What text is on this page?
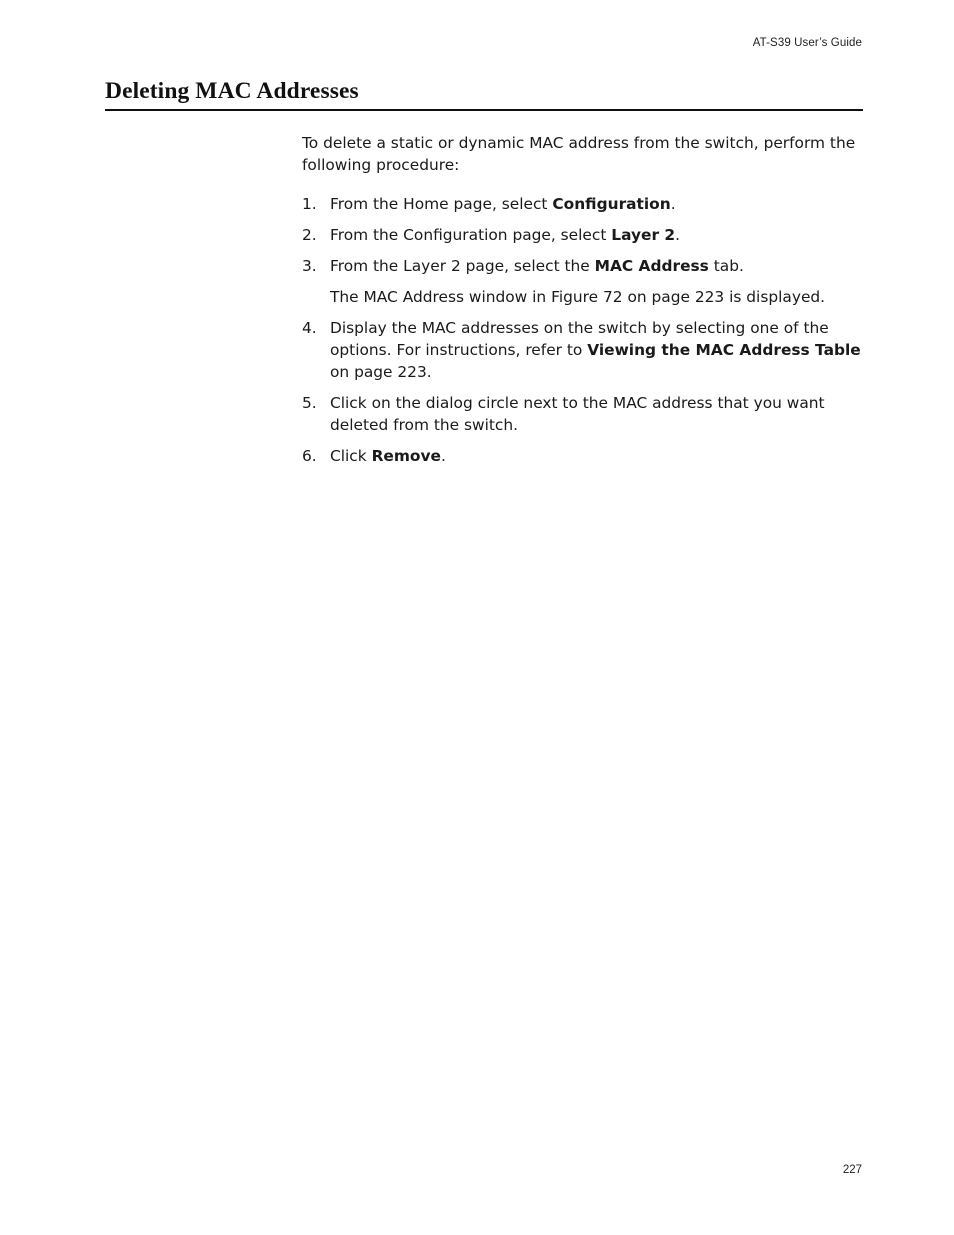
AT-S39 User’s Guide
Deleting MAC Addresses

To delete a static or dynamic MAC address from the switch, perform the following procedure:

1. From the Home page, select Configuration.
2. From the Configuration page, select Layer 2.
3. From the Layer 2 page, select the MAC Address tab.
The MAC Address window in Figure 72 on page 223 is displayed.
4. Display the MAC addresses on the switch by selecting one of the options. For instructions, refer to Viewing the MAC Address Table on page 223.
5. Click on the dialog circle next to the MAC address that you want deleted from the switch.
6. Click Remove.
227
